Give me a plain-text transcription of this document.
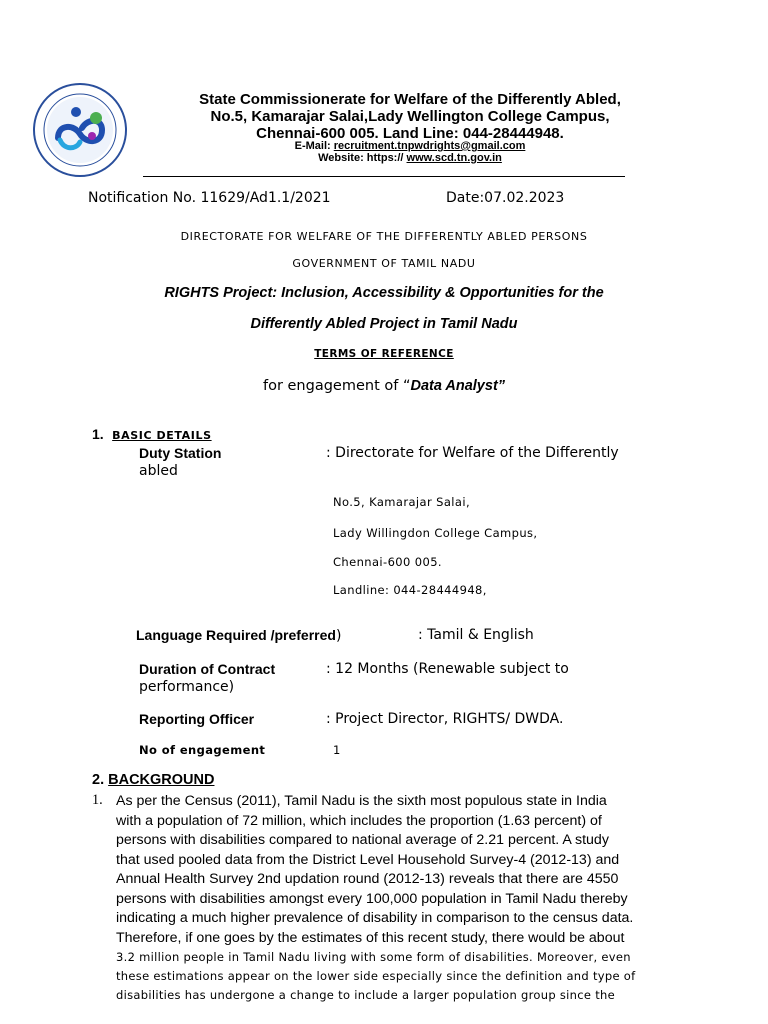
State Commissionerate for Welfare of the Differently Abled,
No.5, Kamarajar Salai,Lady Wellington College Campus,
Chennai-600 005. Land Line: 044-28444948.
E-Mail: recruitment.tnpwdrights@gmail.com
Website: https:// www.scd.tn.gov.in
Notification No. 11629/Ad1.1/2021	Date:07.02.2023
DIRECTORATE FOR WELFARE OF THE DIFFERENTLY ABLED PERSONS
GOVERNMENT OF TAMIL NADU
RIGHTS Project: Inclusion, Accessibility & Opportunities for the
Differently Abled Project in Tamil Nadu
TERMS OF REFERENCE
for engagement of “Data Analyst”
1. BASIC DETAILS
Duty Station	: Directorate for Welfare of the Differently
abled
No.5, Kamarajar Salai,
Lady Willingdon College Campus,
Chennai-600 005.
Landline: 044-28444948,
Language Required /preferred)	: Tamil & English
Duration of Contract	: 12 Months (Renewable subject to
performance)
Reporting Officer	: Project Director, RIGHTS/ DWDA.
No of engagement	1
2. BACKGROUND
1. As per the Census (2011), Tamil Nadu is the sixth most populous state in India
with a population of 72 million, which includes the proportion (1.63 percent) of
persons with disabilities compared to national average of 2.21 percent. A study
that used pooled data from the District Level Household Survey-4 (2012-13) and
Annual Health Survey 2nd updation round (2012-13) reveals that there are 4550
persons with disabilities amongst every 100,000 population in Tamil Nadu thereby
indicating a much higher prevalence of disability in comparison to the census data.
Therefore, if one goes by the estimates of this recent study, there would be about
3.2 million people in Tamil Nadu living with some form of disabilities. Moreover, even
these estimations appear on the lower side especially since the definition and type of
disabilities has undergone a change to include a larger population group since the
